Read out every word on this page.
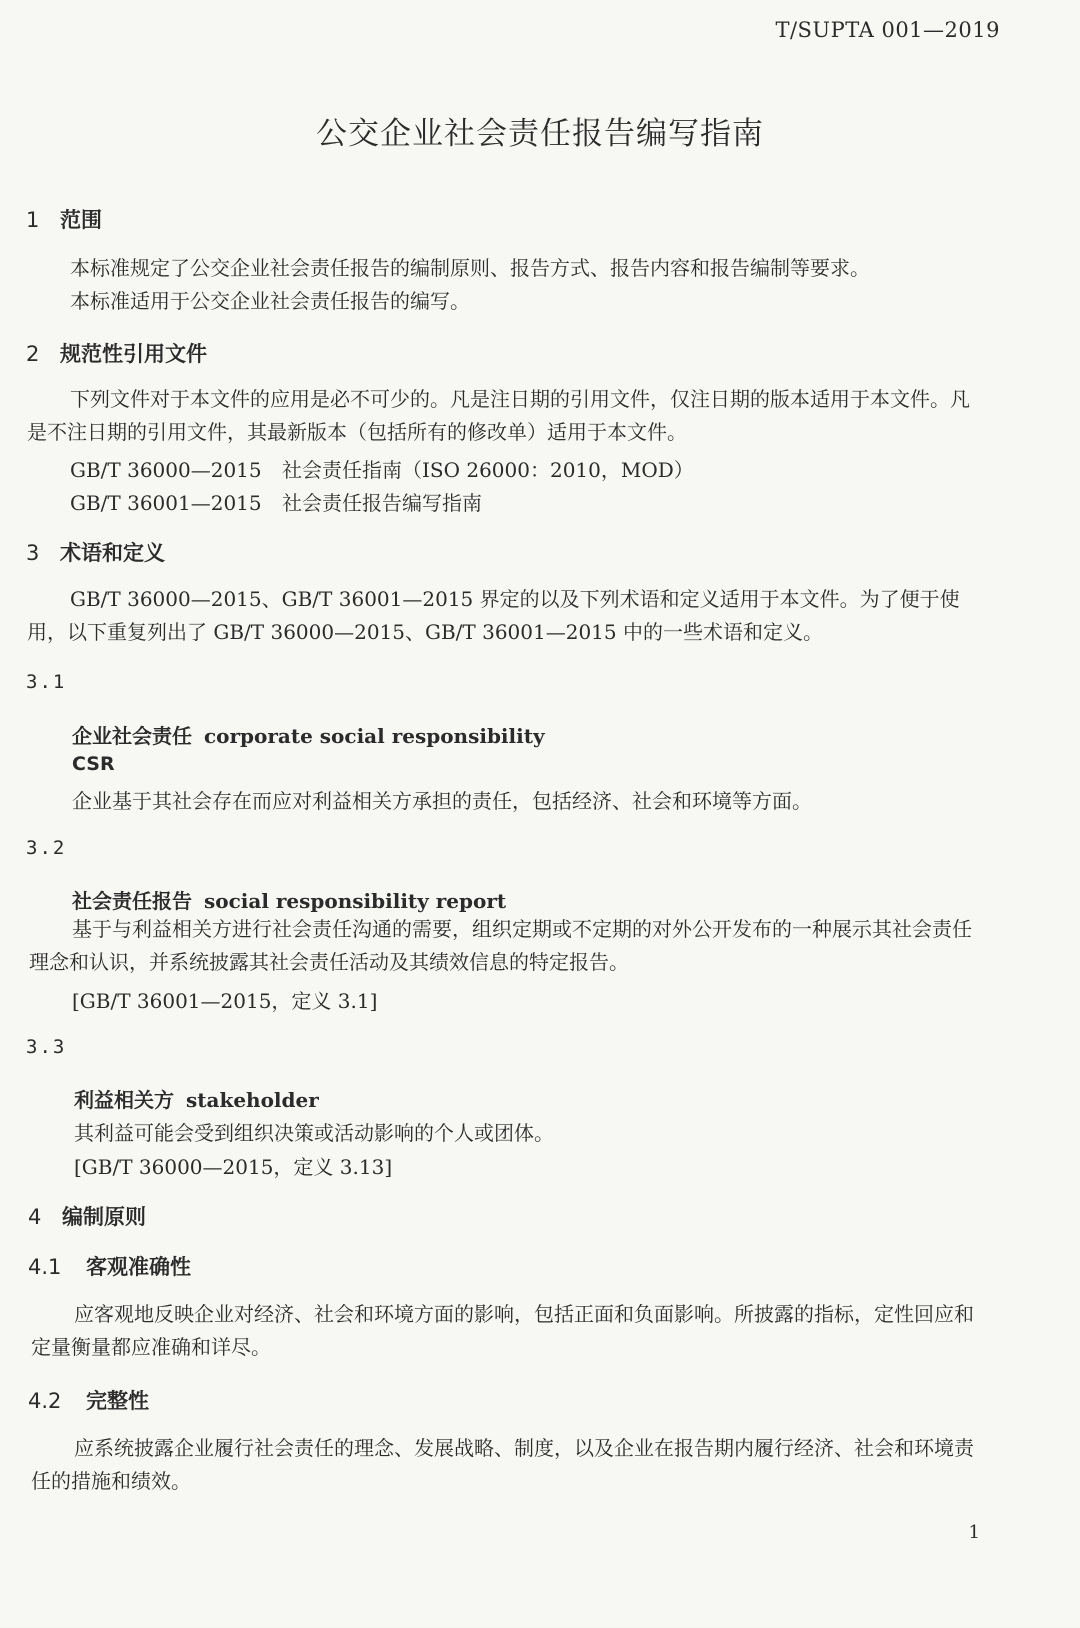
T/SUPTA 001—2019
公交企业社会责任报告编写指南
1 范围
本标准规定了公交企业社会责任报告的编制原则、报告方式、报告内容和报告编制等要求。
本标准适用于公交企业社会责任报告的编写。
2 规范性引用文件
下列文件对于本文件的应用是必不可少的。凡是注日期的引用文件，仅注日期的版本适用于本文件。凡是不注日期的引用文件，其最新版本（包括所有的修改单）适用于本文件。
GB/T 36000—2015 社会责任指南（ISO 26000：2010，MOD）
GB/T 36001—2015 社会责任报告编写指南
3 术语和定义
GB/T 36000—2015、GB/T 36001—2015 界定的以及下列术语和定义适用于本文件。为了便于使用，以下重复列出了 GB/T 36000—2015、GB/T 36001—2015 中的一些术语和定义。
3.1
企业社会责任 corporate social responsibility
CSR
企业基于其社会存在而应对利益相关方承担的责任，包括经济、社会和环境等方面。
3.2
社会责任报告 social responsibility report
基于与利益相关方进行社会责任沟通的需要，组织定期或不定期的对外公开发布的一种展示其社会责任理念和认识，并系统披露其社会责任活动及其绩效信息的特定报告。
[GB/T 36001—2015，定义 3.1]
3.3
利益相关方 stakeholder
其利益可能会受到组织决策或活动影响的个人或团体。
[GB/T 36000—2015，定义 3.13]
4 编制原则
4.1 客观准确性
应客观地反映企业对经济、社会和环境方面的影响，包括正面和负面影响。所披露的指标，定性回应和定量衡量都应准确和详尽。
4.2 完整性
应系统披露企业履行社会责任的理念、发展战略、制度，以及企业在报告期内履行经济、社会和环境责任的措施和绩效。
1
